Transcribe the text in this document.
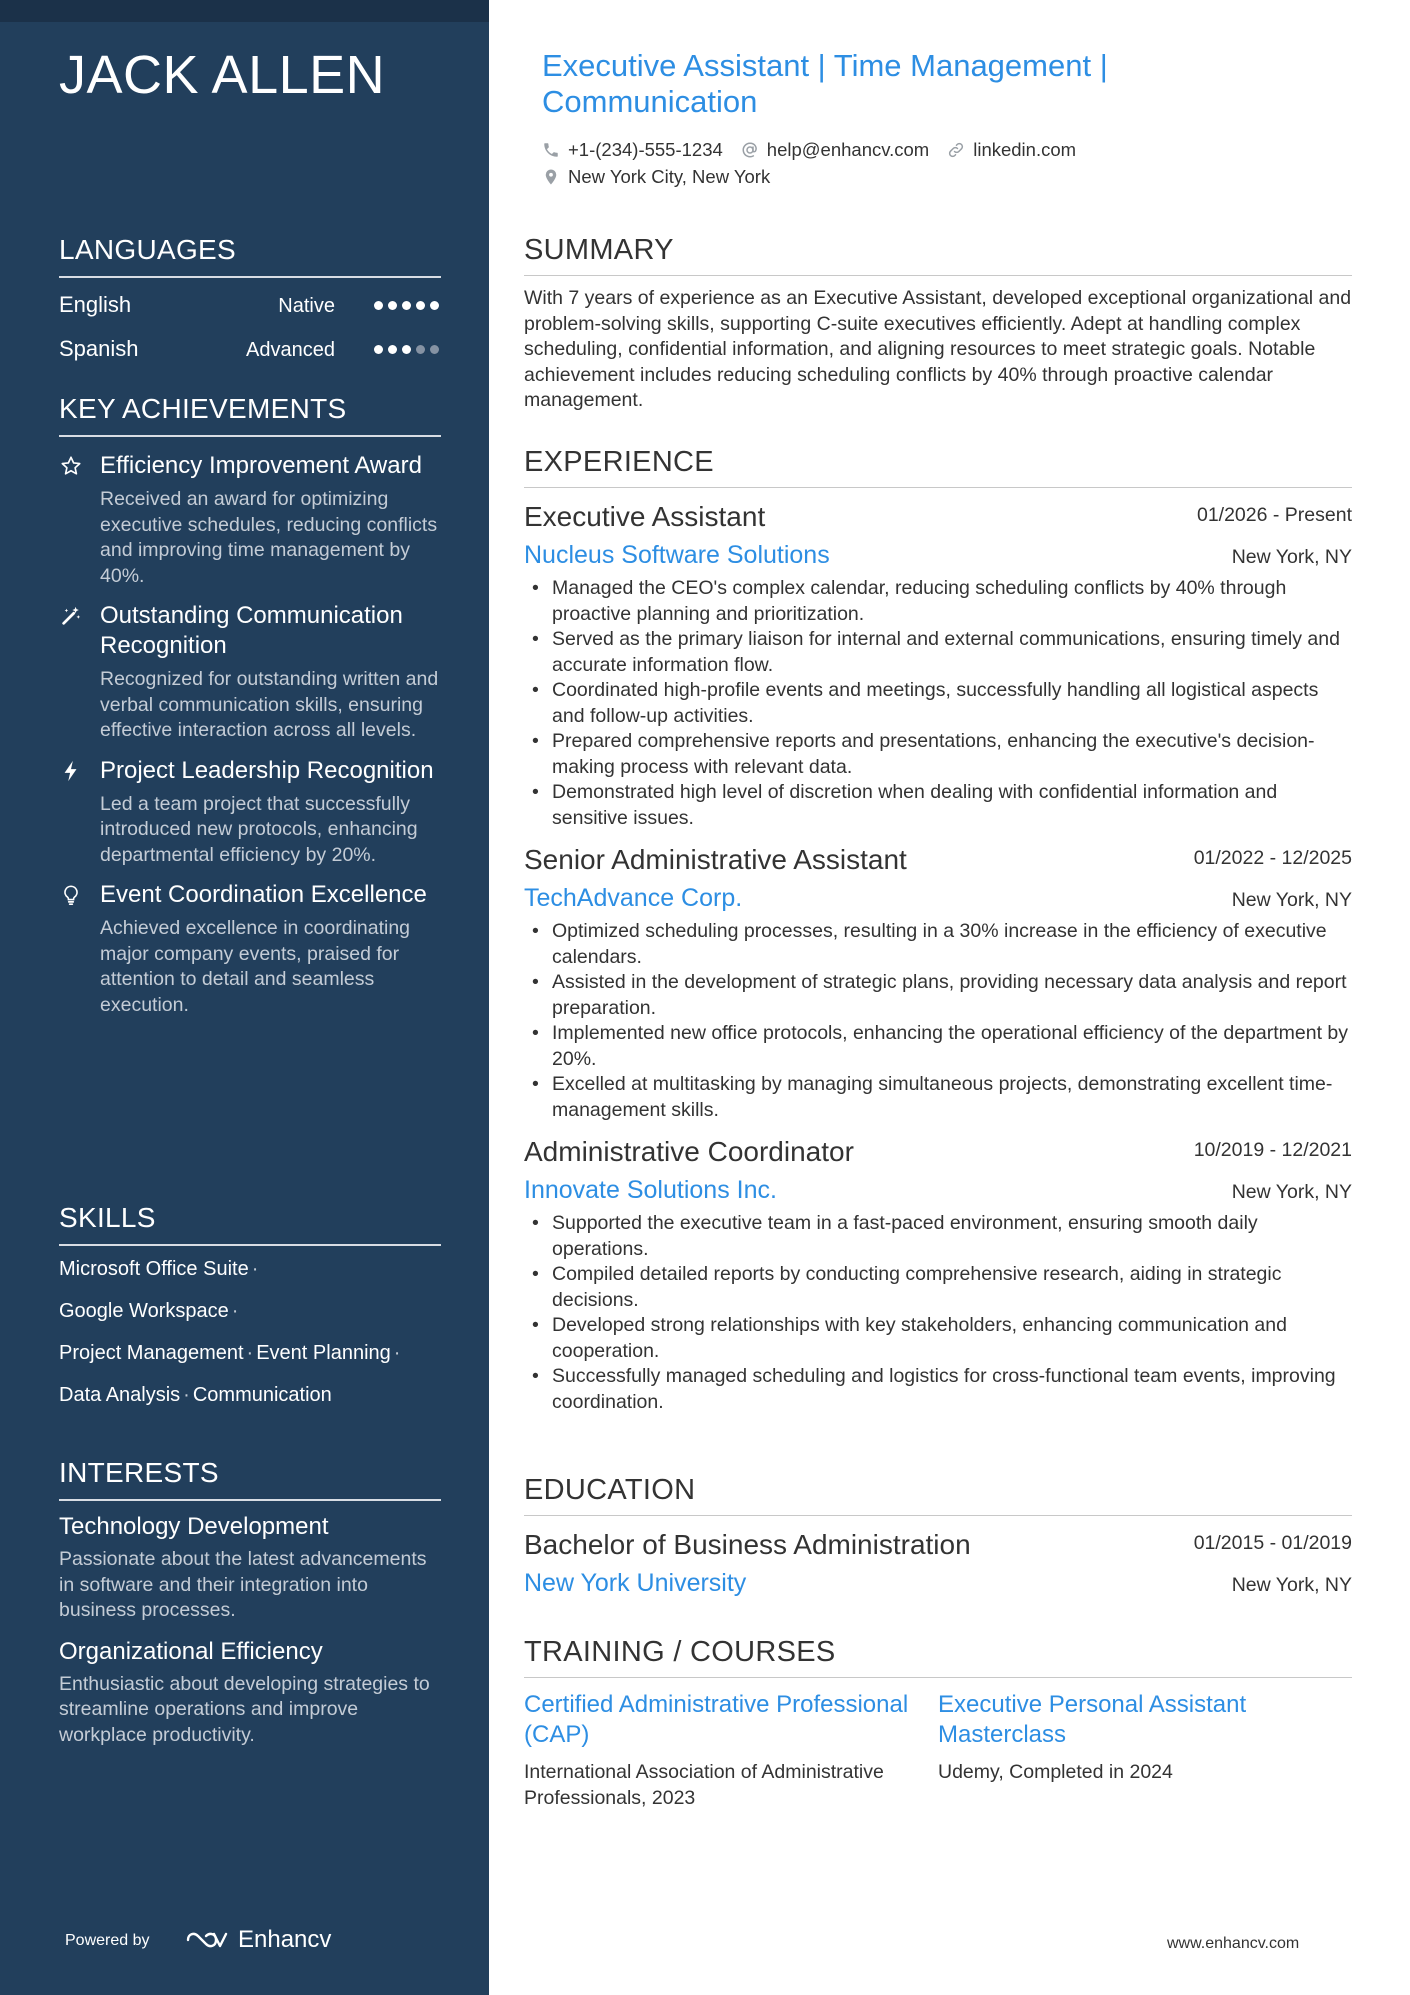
JACK ALLEN
LANGUAGES
English	Native
Spanish	Advanced
KEY ACHIEVEMENTS
Efficiency Improvement Award
Received an award for optimizing executive schedules, reducing conflicts and improving time management by 40%.
Outstanding Communication Recognition
Recognized for outstanding written and verbal communication skills, ensuring effective interaction across all levels.
Project Leadership Recognition
Led a team project that successfully introduced new protocols, enhancing departmental efficiency by 20%.
Event Coordination Excellence
Achieved excellence in coordinating major company events, praised for attention to detail and seamless execution.
SKILLS
Microsoft Office Suite ·
Google Workspace ·
Project Management · Event Planning ·
Data Analysis · Communication
INTERESTS
Technology Development
Passionate about the latest advancements in software and their integration into business processes.
Organizational Efficiency
Enthusiastic about developing strategies to streamline operations and improve workplace productivity.
Powered by	Enhancv
Executive Assistant | Time Management | Communication
+1-(234)-555-1234 help@enhancv.com linkedin.com
New York City, New York
SUMMARY
With 7 years of experience as an Executive Assistant, developed exceptional organizational and problem-solving skills, supporting C-suite executives efficiently. Adept at handling complex scheduling, confidential information, and aligning resources to meet strategic goals. Notable achievement includes reducing scheduling conflicts by 40% through proactive calendar management.
EXPERIENCE
Executive Assistant	01/2026 - Present
Nucleus Software Solutions	New York, NY
• Managed the CEO's complex calendar, reducing scheduling conflicts by 40% through proactive planning and prioritization.
• Served as the primary liaison for internal and external communications, ensuring timely and accurate information flow.
• Coordinated high-profile events and meetings, successfully handling all logistical aspects and follow-up activities.
• Prepared comprehensive reports and presentations, enhancing the executive's decision-making process with relevant data.
• Demonstrated high level of discretion when dealing with confidential information and sensitive issues.
Senior Administrative Assistant	01/2022 - 12/2025
TechAdvance Corp.	New York, NY
• Optimized scheduling processes, resulting in a 30% increase in the efficiency of executive calendars.
• Assisted in the development of strategic plans, providing necessary data analysis and report preparation.
• Implemented new office protocols, enhancing the operational efficiency of the department by 20%.
• Excelled at multitasking by managing simultaneous projects, demonstrating excellent time-management skills.
Administrative Coordinator	10/2019 - 12/2021
Innovate Solutions Inc.	New York, NY
• Supported the executive team in a fast-paced environment, ensuring smooth daily operations.
• Compiled detailed reports by conducting comprehensive research, aiding in strategic decisions.
• Developed strong relationships with key stakeholders, enhancing communication and cooperation.
• Successfully managed scheduling and logistics for cross-functional team events, improving coordination.
EDUCATION
Bachelor of Business Administration	01/2015 - 01/2019
New York University	New York, NY
TRAINING / COURSES
Certified Administrative Professional (CAP)
International Association of Administrative Professionals, 2023
Executive Personal Assistant Masterclass
Udemy, Completed in 2024
www.enhancv.com
